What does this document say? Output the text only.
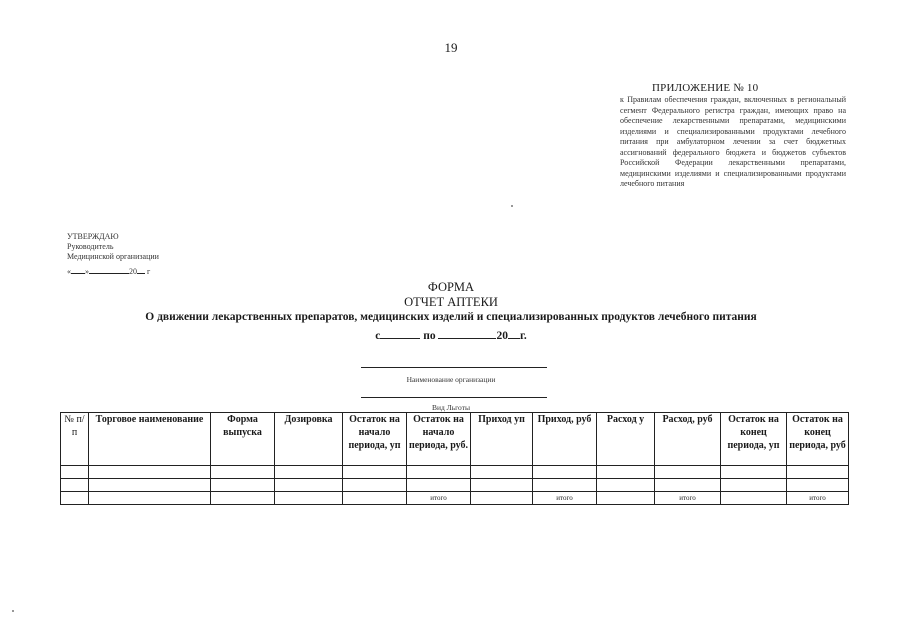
19
ПРИЛОЖЕНИЕ № 10
к Правилам обеспечения граждан, включенных в региональный сегмент Федерального регистра граждан, имеющих право на обеспечение лекарственными препаратами, медицинскими изделиями и специализированными продуктами лечебного питания при амбулаторном лечении за счет бюджетных ассигнований федерального бюджета и бюджетов субъектов Российской Федерации лекарственными препаратами, медицинскими изделиями и специализированными продуктами лечебного питания
УТВЕРЖДАЮ
Руководитель
Медицинской организации
« »	20 г
ФОРМА
ОТЧЕТ АПТЕКИ
О движении лекарственных препаратов, медицинских изделий и специализированных продуктов лечебного питания
с	по	20 г.
Наименование организации
Вид Льготы
№ п/п	Торговое наименование	Форма выпуска	Дозировка	Остаток на начало периода, уп	Остаток на начало периода, руб.	Приход уп	Приход, руб	Расход у	Расход, руб	Остаток на конец периода, уп	Остаток на конец периода, руб

					итого		итого		итого		итого
